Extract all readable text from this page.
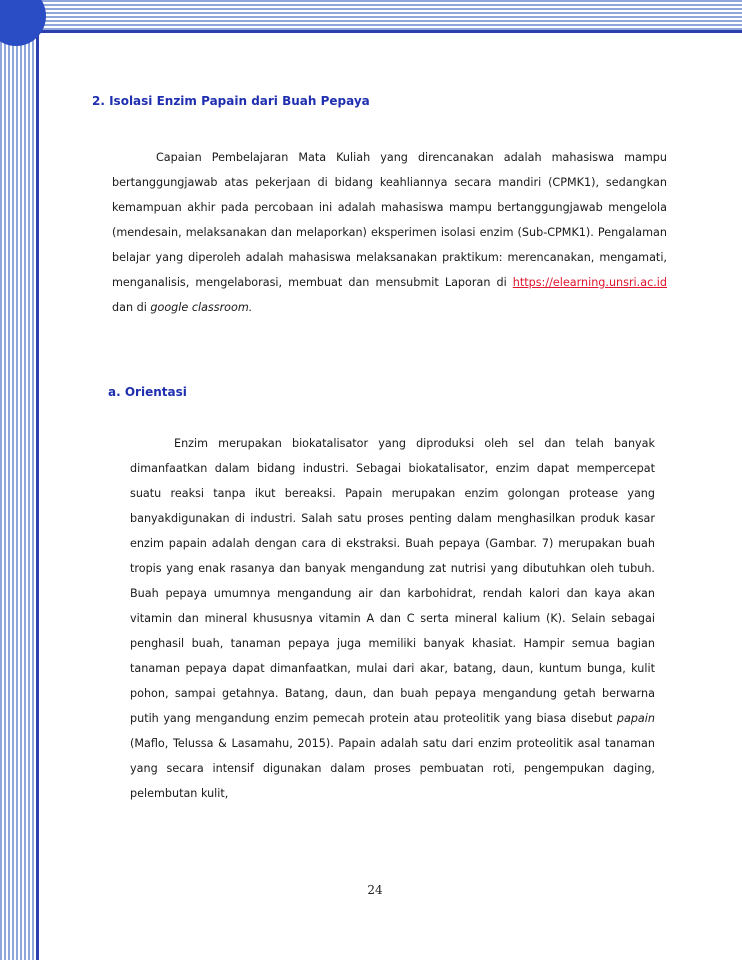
2. Isolasi Enzim Papain dari Buah Pepaya

Capaian Pembelajaran Mata Kuliah yang direncanakan adalah mahasiswa mampu bertanggungjawab atas pekerjaan di bidang keahliannya secara mandiri (CPMK1), sedangkan kemampuan akhir pada percobaan ini adalah mahasiswa mampu bertanggungjawab mengelola (mendesain, melaksanakan dan melaporkan) eksperimen isolasi enzim (Sub-CPMK1). Pengalaman belajar yang diperoleh adalah mahasiswa melaksanakan praktikum: merencanakan, mengamati, menganalisis, mengelaborasi, membuat dan mensubmit Laporan di https://elearning.unsri.ac.id dan di google classroom.

a. Orientasi

Enzim merupakan biokatalisator yang diproduksi oleh sel dan telah banyak dimanfaatkan dalam bidang industri. Sebagai biokatalisator, enzim dapat mempercepat suatu reaksi tanpa ikut bereaksi. Papain merupakan enzim golongan protease yang banyakdigunakan di industri. Salah satu proses penting dalam menghasilkan produk kasar enzim papain adalah dengan cara di ekstraksi. Buah pepaya (Gambar. 7) merupakan buah tropis yang enak rasanya dan banyak mengandung zat nutrisi yang dibutuhkan oleh tubuh. Buah pepaya umumnya mengandung air dan karbohidrat, rendah kalori dan kaya akan vitamin dan mineral khususnya vitamin A dan C serta mineral kalium (K). Selain sebagai penghasil buah, tanaman pepaya juga memiliki banyak khasiat. Hampir semua bagian tanaman pepaya dapat dimanfaatkan, mulai dari akar, batang, daun, kuntum bunga, kulit pohon, sampai getahnya. Batang, daun, dan buah pepaya mengandung getah berwarna putih yang mengandung enzim pemecah protein atau proteolitik yang biasa disebut papain (Maflo, Telussa & Lasamahu, 2015). Papain adalah satu dari enzim proteolitik asal tanaman yang secara intensif digunakan dalam proses pembuatan roti, pengempukan daging, pelembutan kulit,

24
